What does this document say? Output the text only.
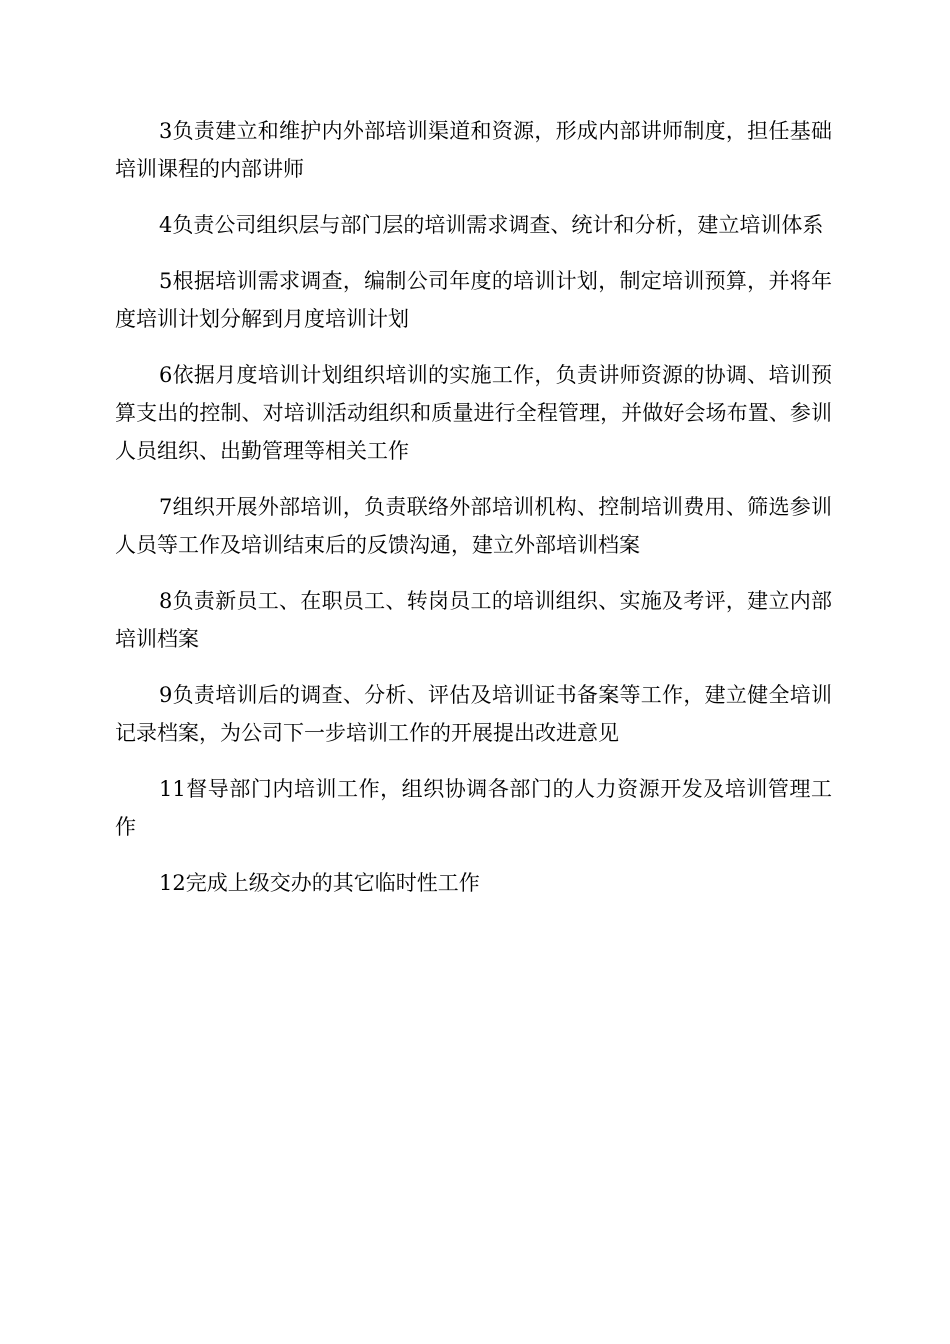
3负责建立和维护内外部培训渠道和资源，形成内部讲师制度，担任基础培训课程的内部讲师

4负责公司组织层与部门层的培训需求调查、统计和分析，建立培训体系

5根据培训需求调查，编制公司年度的培训计划，制定培训预算，并将年度培训计划分解到月度培训计划

6依据月度培训计划组织培训的实施工作，负责讲师资源的协调、培训预算支出的控制、对培训活动组织和质量进行全程管理，并做好会场布置、参训人员组织、出勤管理等相关工作

7组织开展外部培训，负责联络外部培训机构、控制培训费用、筛选参训人员等工作及培训结束后的反馈沟通，建立外部培训档案

8负责新员工、在职员工、转岗员工的培训组织、实施及考评，建立内部培训档案

9负责培训后的调查、分析、评估及培训证书备案等工作，建立健全培训记录档案，为公司下一步培训工作的开展提出改进意见

11督导部门内培训工作，组织协调各部门的人力资源开发及培训管理工作

12完成上级交办的其它临时性工作
